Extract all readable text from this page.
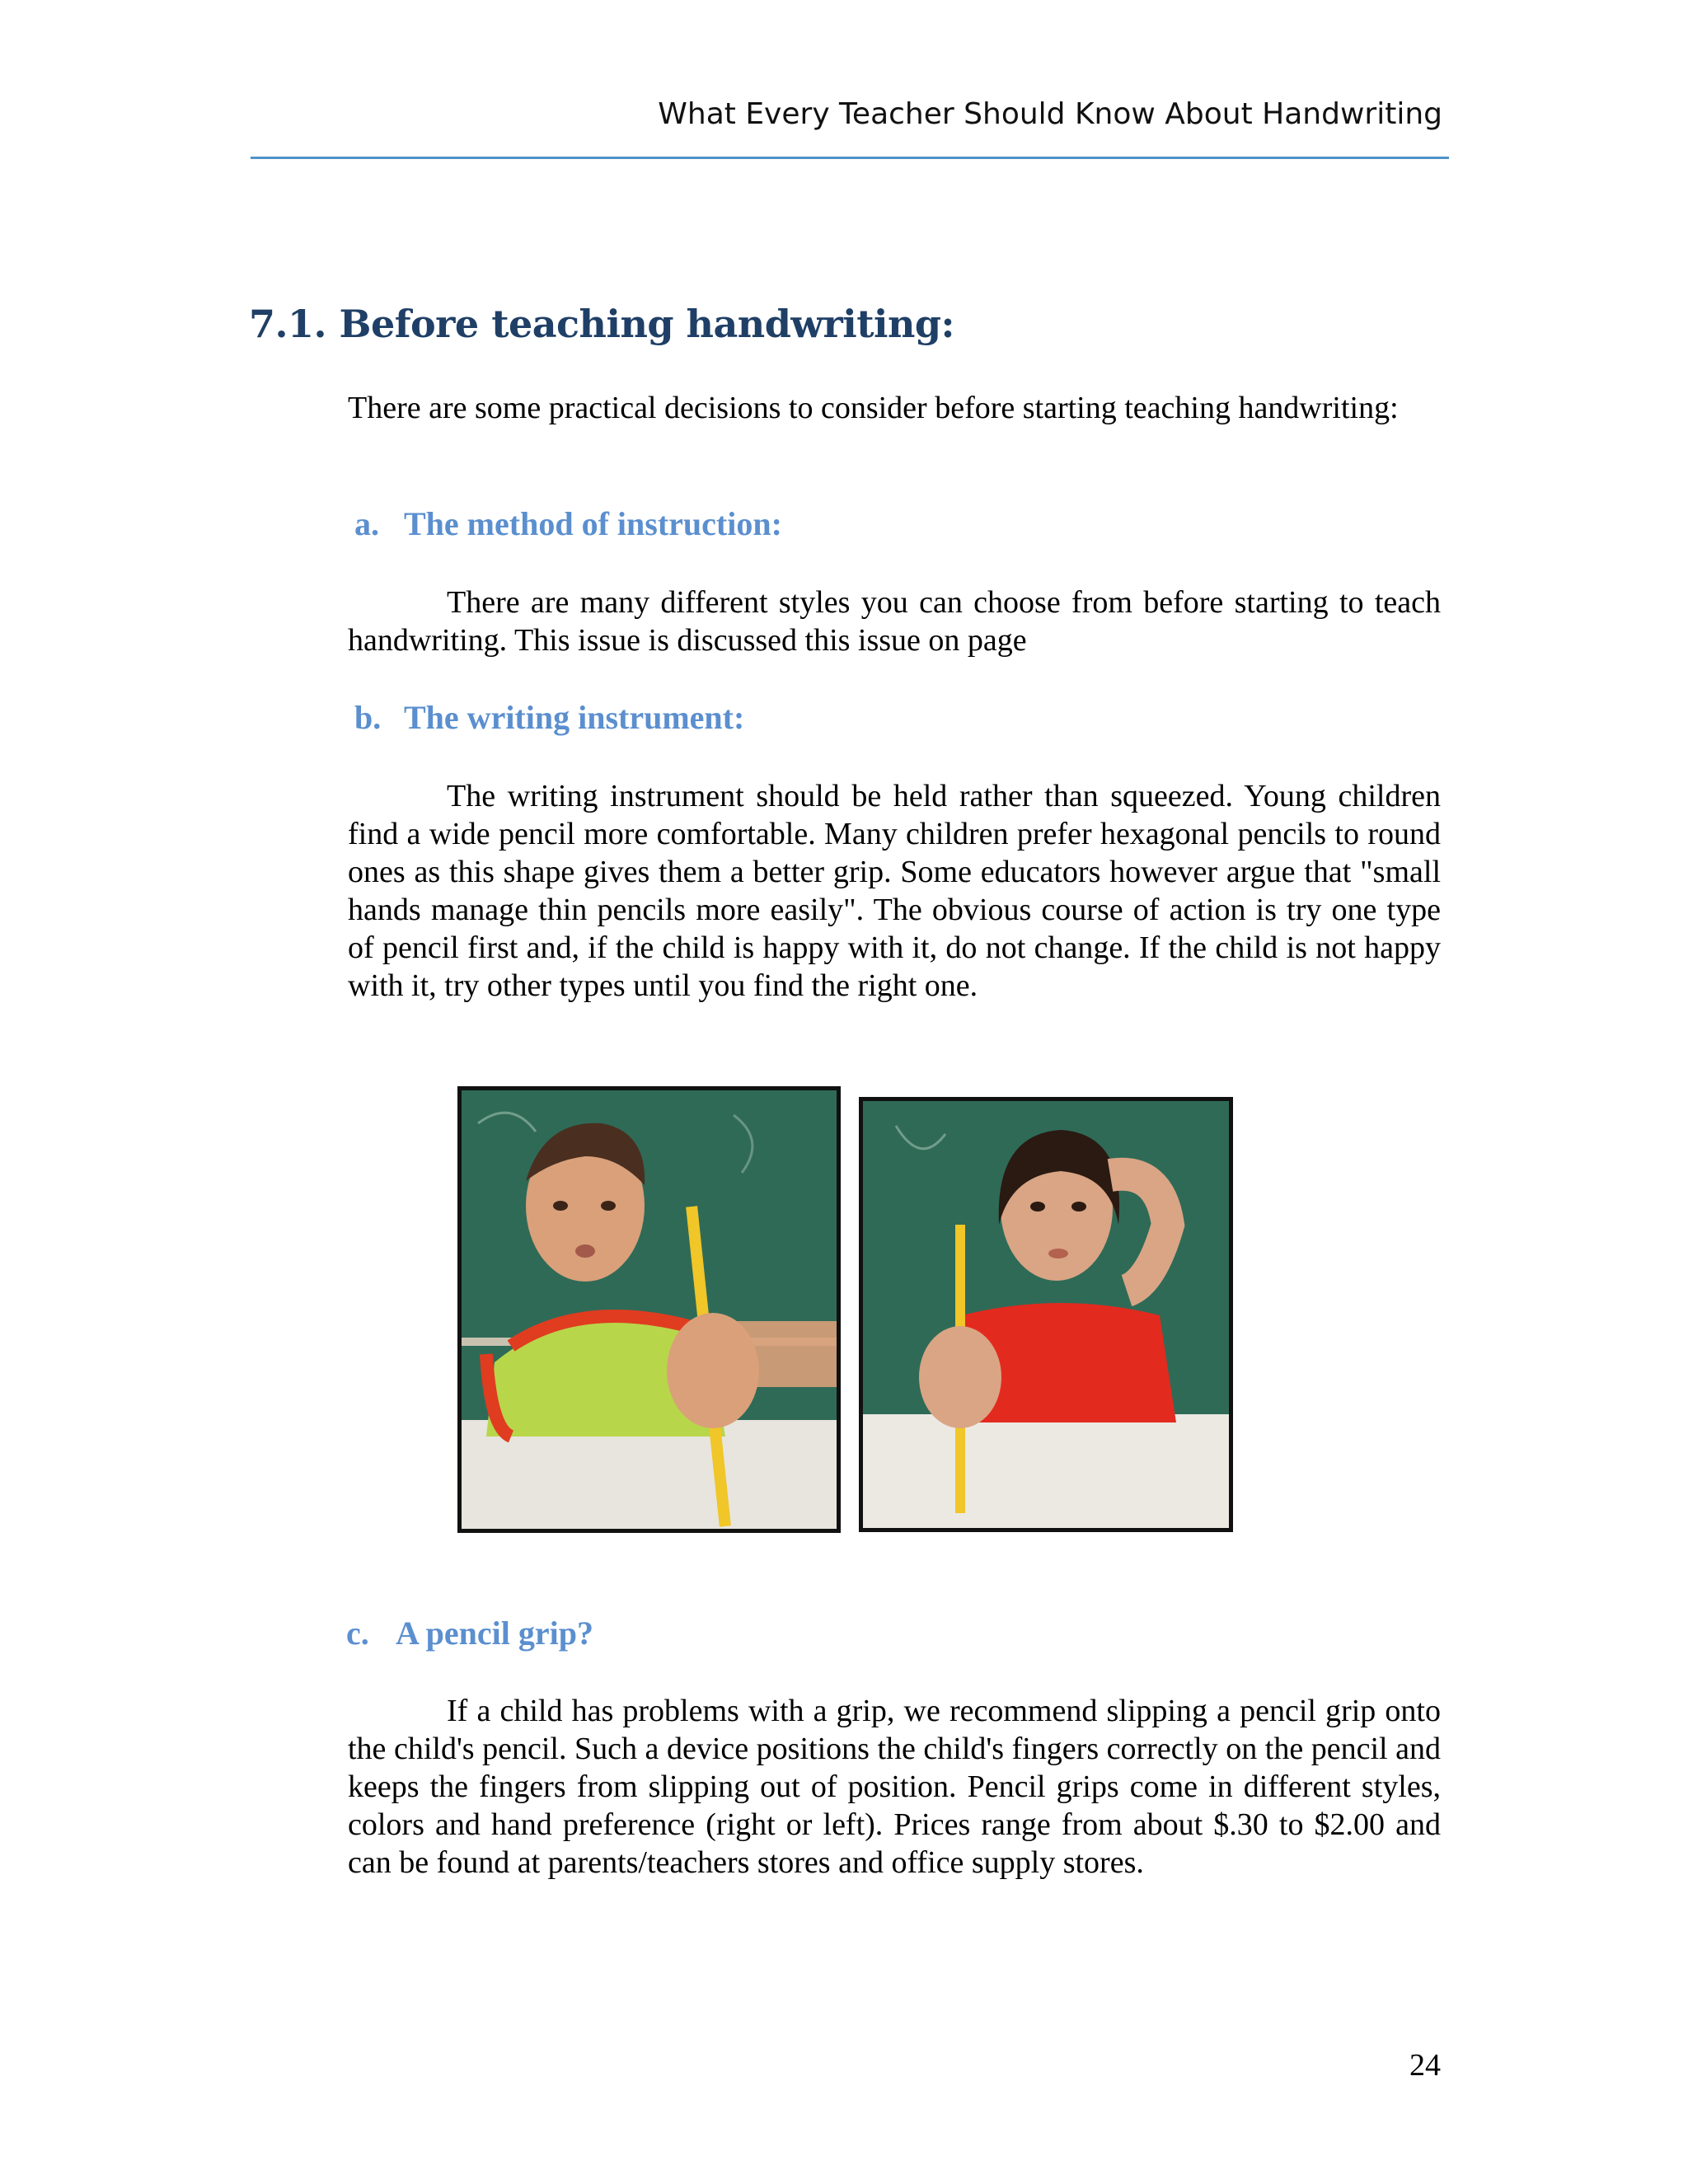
What Every Teacher Should Know About Handwriting
7.1. Before teaching handwriting:

There are some practical decisions to consider before starting teaching handwriting:

a. The method of instruction:

There are many different styles you can choose from before starting to teach handwriting. This issue is discussed this issue on page

b. The writing instrument:

The writing instrument should be held rather than squeezed. Young children find a wide pencil more comfortable. Many children prefer hexagonal pencils to round ones as this shape gives them a better grip. Some educators however argue that "small hands manage thin pencils more easily". The obvious course of action is try one type of pencil first and, if the child is happy with it, do not change. If the child is not happy with it, try other types until you find the right one.

c. A pencil grip?

If a child has problems with a grip, we recommend slipping a pencil grip onto the child's pencil. Such a device positions the child's fingers correctly on the pencil and keeps the fingers from slipping out of position. Pencil grips come in different styles, colors and hand preference (right or left). Prices range from about $.30 to $2.00 and can be found at parents/teachers stores and office supply stores.

24
